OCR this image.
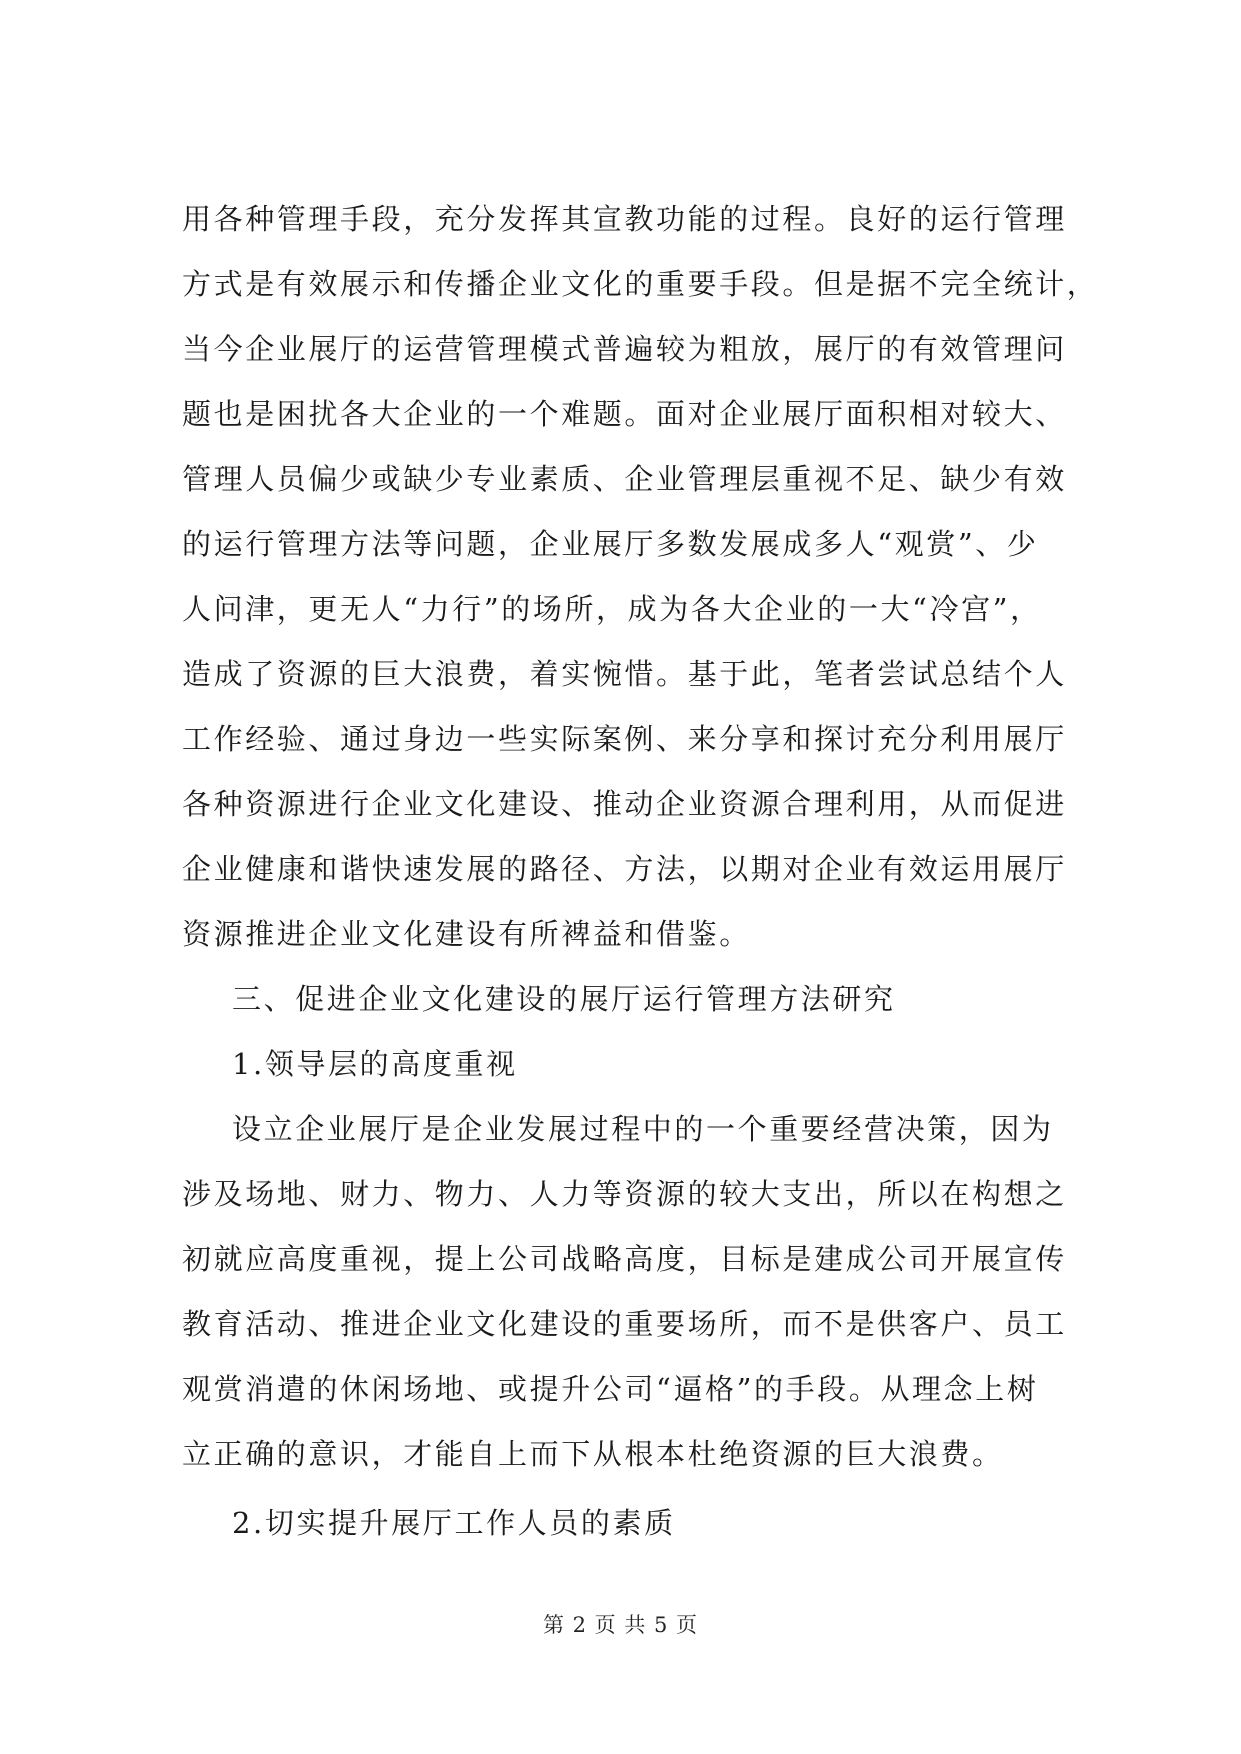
用各种管理手段，充分发挥其宣教功能的过程。良好的运行管理
方式是有效展示和传播企业文化的重要手段。但是据不完全统计，
当今企业展厅的运营管理模式普遍较为粗放，展厅的有效管理问
题也是困扰各大企业的一个难题。面对企业展厅面积相对较大、
管理人员偏少或缺少专业素质、企业管理层重视不足、缺少有效
的运行管理方法等问题，企业展厅多数发展成多人“观赏”、少
人问津，更无人“力行”的场所，成为各大企业的一大“冷宫”，
造成了资源的巨大浪费，着实惋惜。基于此，笔者尝试总结个人
工作经验、通过身边一些实际案例、来分享和探讨充分利用展厅
各种资源进行企业文化建设、推动企业资源合理利用，从而促进
企业健康和谐快速发展的路径、方法，以期对企业有效运用展厅
资源推进企业文化建设有所裨益和借鉴。
三、促进企业文化建设的展厅运行管理方法研究
1.领导层的高度重视
设立企业展厅是企业发展过程中的一个重要经营决策，因为
涉及场地、财力、物力、人力等资源的较大支出，所以在构想之
初就应高度重视，提上公司战略高度，目标是建成公司开展宣传
教育活动、推进企业文化建设的重要场所，而不是供客户、员工
观赏消遣的休闲场地、或提升公司“逼格”的手段。从理念上树
立正确的意识，才能自上而下从根本杜绝资源的巨大浪费。
2.切实提升展厅工作人员的素质
第 2 页 共 5 页
